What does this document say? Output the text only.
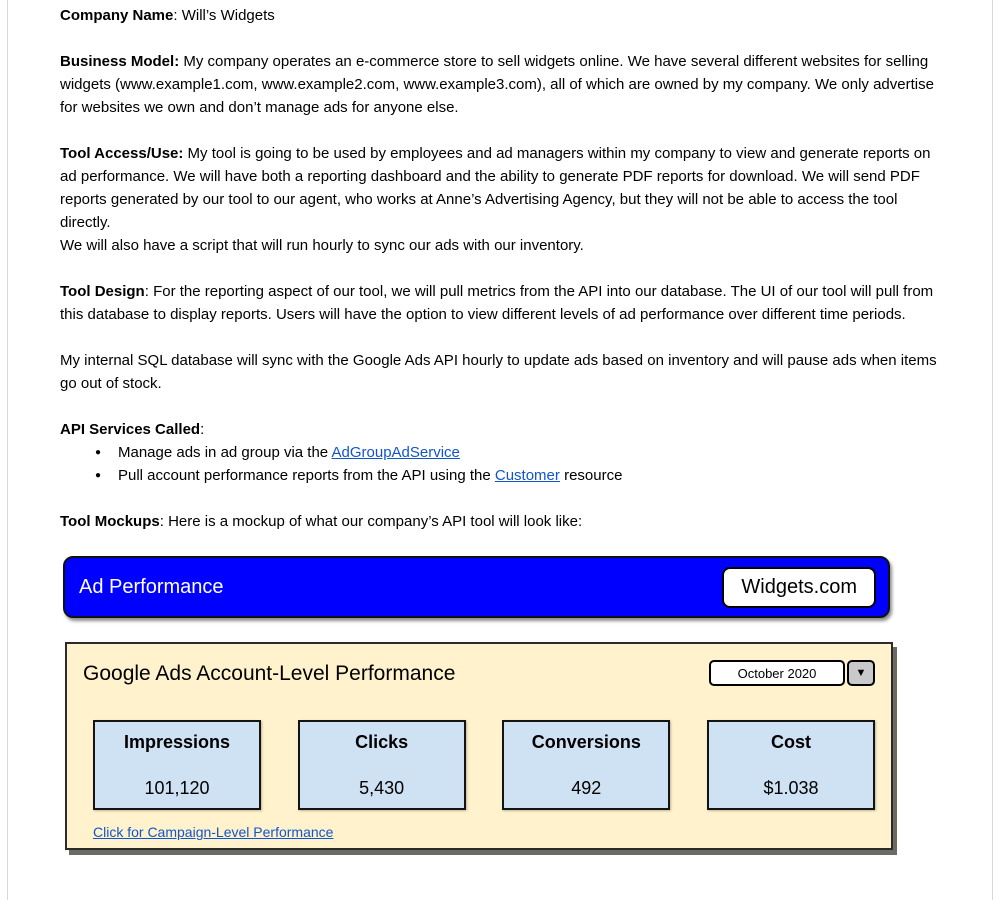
Company Name: Will’s Widgets

Business Model: My company operates an e-commerce store to sell widgets online. We have several different websites for selling widgets (www.example1.com, www.example2.com, www.example3.com), all of which are owned by my company. We only advertise for websites we own and don’t manage ads for anyone else.

Tool Access/Use: My tool is going to be used by employees and ad managers within my company to view and generate reports on ad performance. We will have both a reporting dashboard and the ability to generate PDF reports for download. We will send PDF reports generated by our tool to our agent, who works at Anne’s Advertising Agency, but they will not be able to access the tool directly.
We will also have a script that will run hourly to sync our ads with our inventory.

Tool Design: For the reporting aspect of our tool, we will pull metrics from the API into our database. The UI of our tool will pull from this database to display reports. Users will have the option to view different levels of ad performance over different time periods.

My internal SQL database will sync with the Google Ads API hourly to update ads based on inventory and will pause ads when items go out of stock.

API Services Called:

●	Manage ads in ad group via the AdGroupAdService
●	Pull account performance reports from the API using the Customer resource

Tool Mockups: Here is a mockup of what our company’s API tool will look like:

Ad Performance	Widgets.com
Google Ads Account-Level Performance	October 2020	▼
Impressions
101,120
Clicks
5,430
Conversions
492
Cost
$1.038
Click for Campaign-Level Performance
